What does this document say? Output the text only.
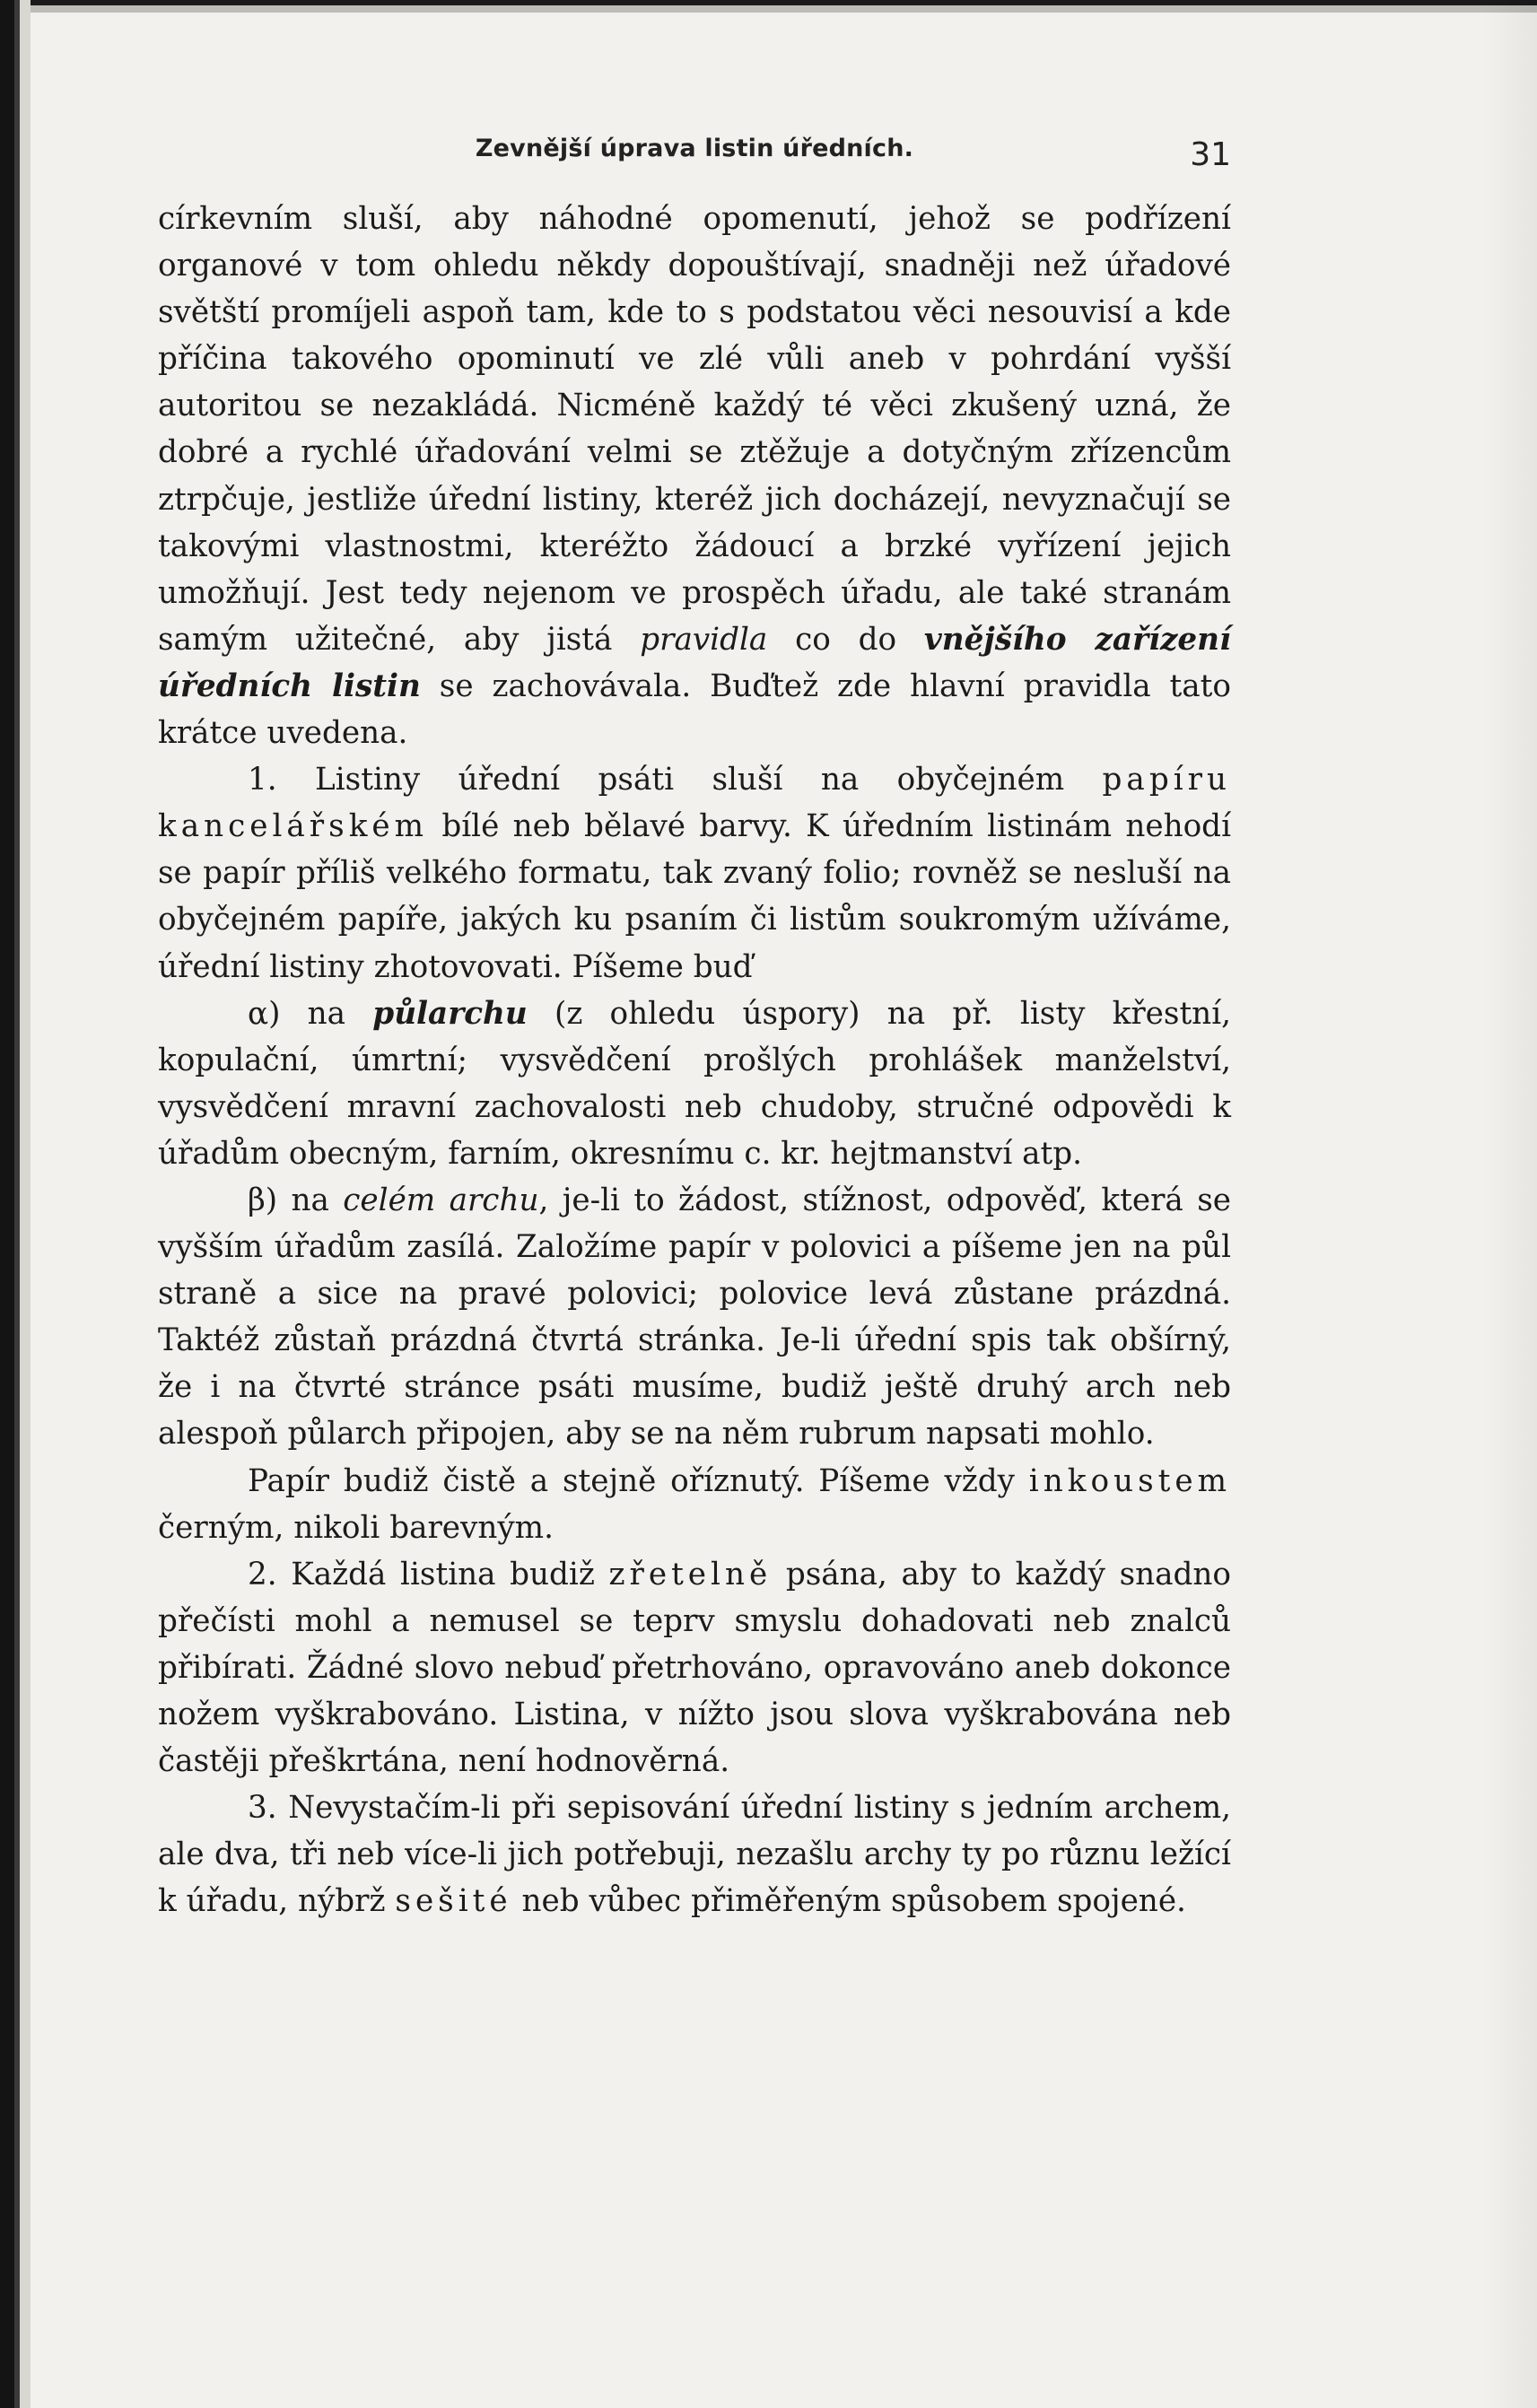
Zevnější úprava listin úředních.	31

církevním sluší, aby náhodné opomenutí, jehož se podřízení organové v tom ohledu někdy dopouštívají, snadněji než úřadové světští promíjeli aspoň tam, kde to s podstatou věci nesouvisí a kde příčina takového opominutí ve zlé vůli aneb v pohrdání vyšší autoritou se nezakládá. Nicméně každý té věci zkušený uzná, že dobré a rychlé úřadování velmi se ztěžuje a dotyčným zřízencům ztrpčuje, jestliže úřední listiny, kteréž jich docházejí, nevyznačují se takovými vlastnostmi, kteréžto žádoucí a brzké vyřízení jejich umožňují. Jest tedy nejenom ve prospěch úřadu, ale také stranám samým užitečné, aby jistá pravidla co do vnějšího zařízení úředních listin se zachovávala. Buďtež zde hlavní pravidla tato krátce uvedena.

1. Listiny úřední psáti sluší na obyčejném papíru kancelářském bílé neb bělavé barvy. K úředním listinám nehodí se papír příliš velkého formatu, tak zvaný folio; rovněž se nesluší na obyčejném papíře, jakých ku psaním či listům soukromým užíváme, úřední listiny zhotovovati. Píšeme buď

α) na půlarchu (z ohledu úspory) na př. listy křestní, kopulační, úmrtní; vysvědčení prošlých prohlášek manželství, vysvědčení mravní zachovalosti neb chudoby, stručné odpovědi k úřadům obecným, farním, okresnímu c. kr. hejtmanství atp.

β) na celém archu, je-li to žádost, stížnost, odpověď, která se vyšším úřadům zasílá. Založíme papír v polovici a píšeme jen na půl straně a sice na pravé polovici; polovice levá zůstane prázdná. Taktéž zůstaň prázdná čtvrtá stránka. Je-li úřední spis tak obšírný, že i na čtvrté stránce psáti musíme, budiž ještě druhý arch neb alespoň půlarch připojen, aby se na něm rubrum napsati mohlo.

Papír budiž čistě a stejně oříznutý. Píšeme vždy inkoustem černým, nikoli barevným.

2. Každá listina budiž zřetelně psána, aby to každý snadno přečísti mohl a nemusel se teprv smyslu dohadovati neb znalců přibírati. Žádné slovo nebuď přetrhováno, opravováno aneb dokonce nožem vyškrabováno. Listina, v nížto jsou slova vyškrabována neb častěji přeškrtána, není hodnověrná.

3. Nevystačím-li při sepisování úřední listiny s jedním archem, ale dva, tři neb více-li jich potřebuji, nezašlu archy ty po různu ležící k úřadu, nýbrž sešité neb vůbec přiměřeným spůsobem spojené.
